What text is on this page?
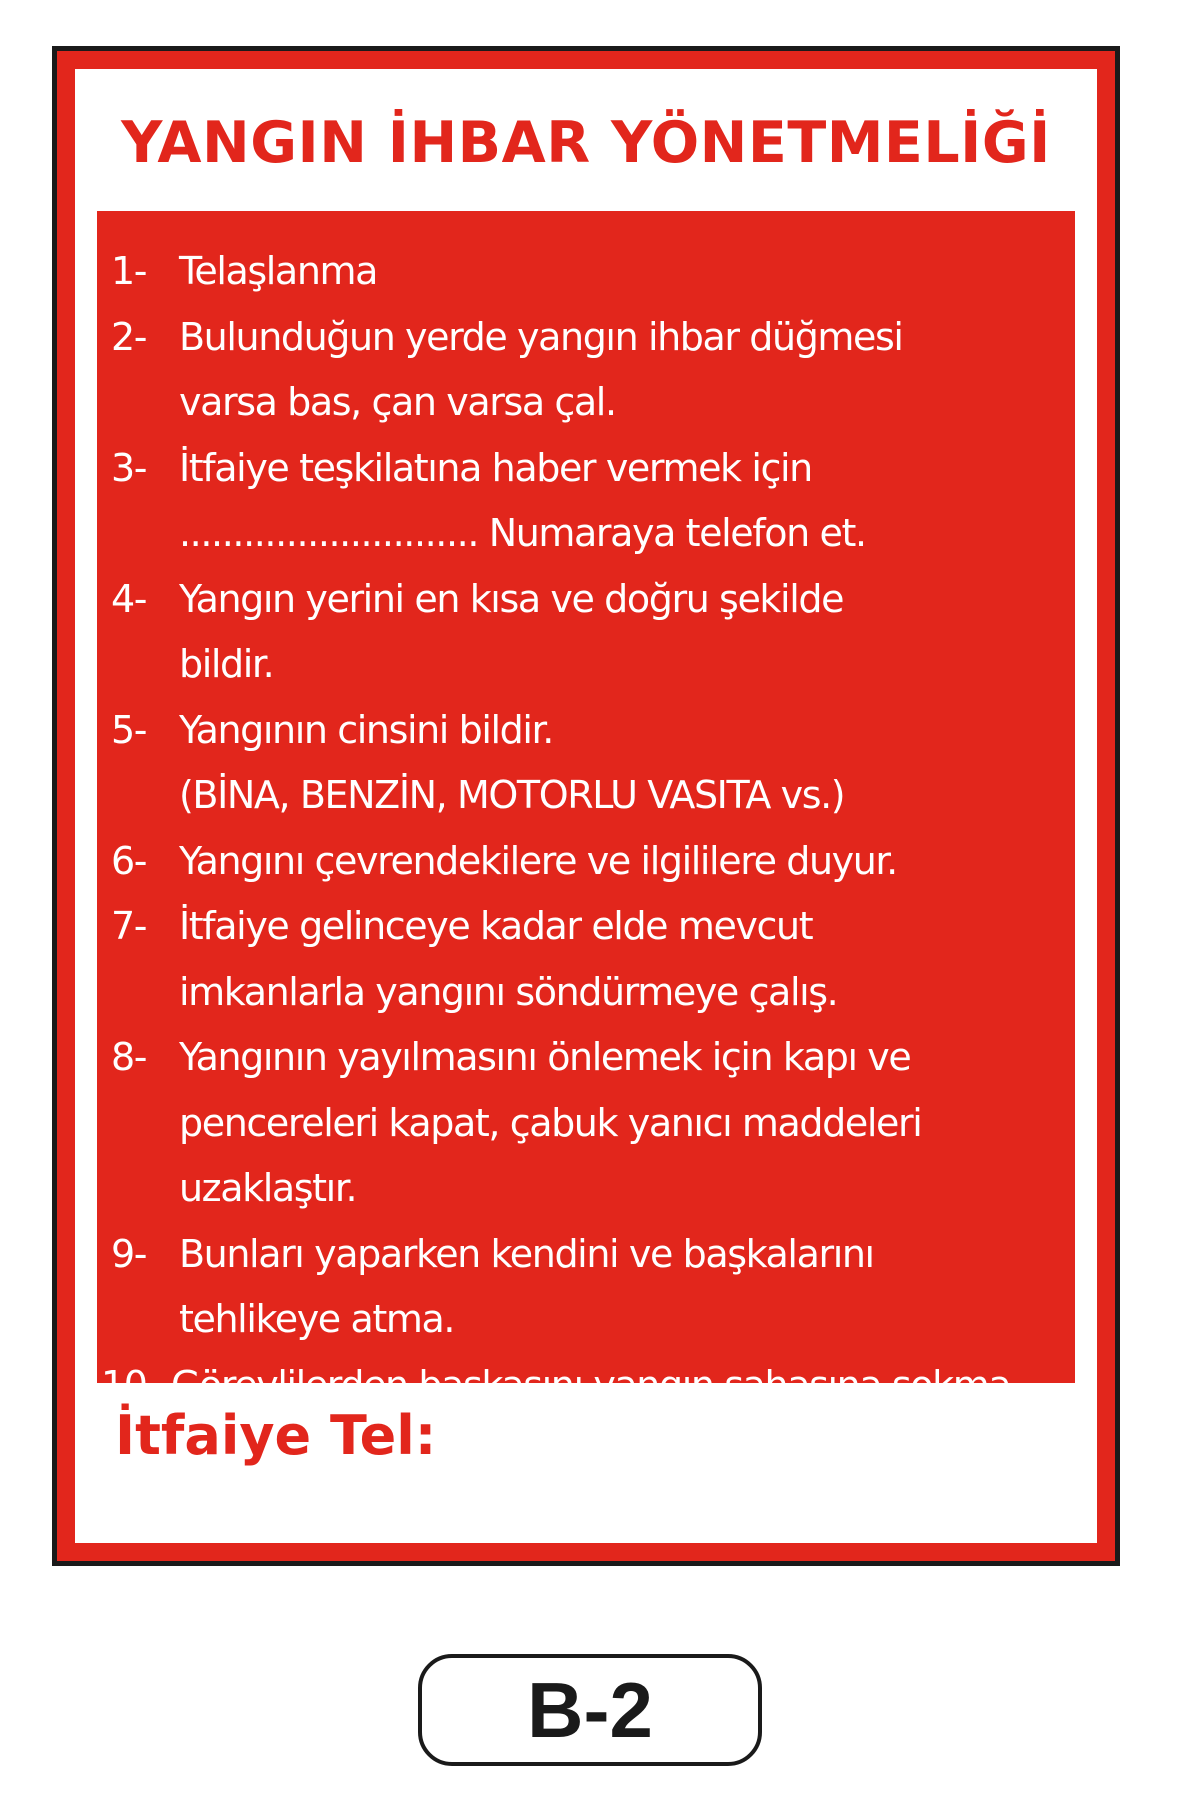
YANGIN İHBAR YÖNETMELİĞİ
1- Telaşlanma
2- Bulunduğun yerde yangın ihbar düğmesi
varsa bas, çan varsa çal.
3- İtfaiye teşkilatına haber vermek için
............................ Numaraya telefon et.
4- Yangın yerini en kısa ve doğru şekilde
bildir.
5- Yangının cinsini bildir.
(BİNA, BENZİN, MOTORLU VASITA vs.)
6- Yangını çevrendekilere ve ilgililere duyur.
7- İtfaiye gelinceye kadar elde mevcut
imkanlarla yangını söndürmeye çalış.
8- Yangının yayılmasını önlemek için kapı ve
pencereleri kapat, çabuk yanıcı maddeleri
uzaklaştır.
9- Bunları yaparken kendini ve başkalarını
tehlikeye atma.
10- Görevlilerden başkasını yangın sahasına sokma
İtfaiye Tel:
B-2
